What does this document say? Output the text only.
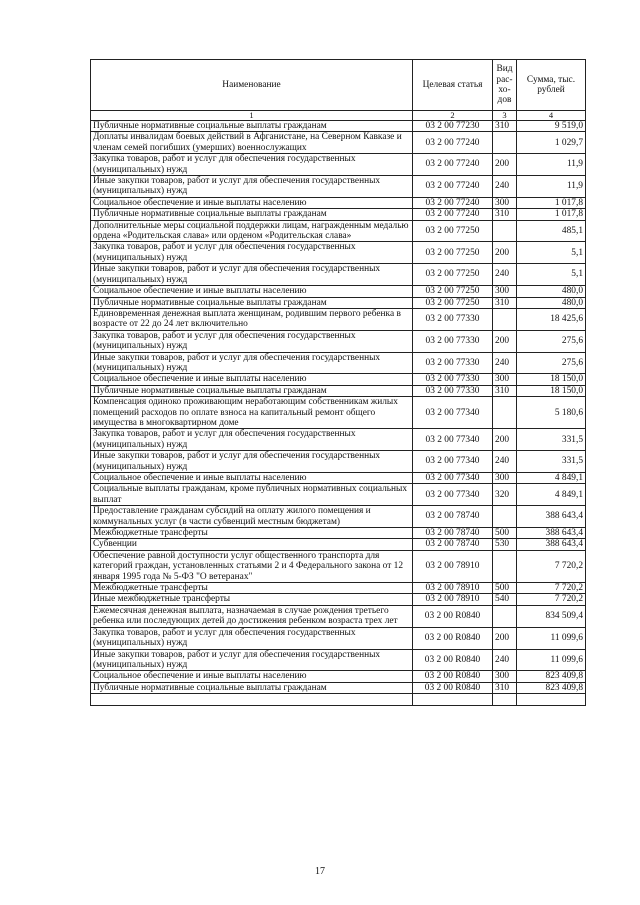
Наименование	Целевая статья	Вид рас-хо-дов	Сумма, тыс. рублей
1	2	3	4
Публичные нормативные социальные выплаты гражданам	03 2 00 77230	310	9 519,0
Доплаты инвалидам боевых действий в Афганистане, на Северном Кавказе и членам семей погибших (умерших) военнослужащих	03 2 00 77240		1 029,7
Закупка товаров, работ и услуг для обеспечения государственных (муниципальных) нужд	03 2 00 77240	200	11,9
Иные закупки товаров, работ и услуг для обеспечения государственных (муниципальных) нужд	03 2 00 77240	240	11,9
Социальное обеспечение и иные выплаты населению	03 2 00 77240	300	1 017,8
Публичные нормативные социальные выплаты гражданам	03 2 00 77240	310	1 017,8
Дополнительные меры социальной поддержки лицам, награжденным медалью ордена «Родительская слава» или орденом «Родительская слава»	03 2 00 77250		485,1
Закупка товаров, работ и услуг для обеспечения государственных (муниципальных) нужд	03 2 00 77250	200	5,1
Иные закупки товаров, работ и услуг для обеспечения государственных (муниципальных) нужд	03 2 00 77250	240	5,1
Социальное обеспечение и иные выплаты населению	03 2 00 77250	300	480,0
Публичные нормативные социальные выплаты гражданам	03 2 00 77250	310	480,0
Единовременная денежная выплата женщинам, родившим первого ребенка в возрасте от 22 до 24 лет включительно	03 2 00 77330		18 425,6
Закупка товаров, работ и услуг для обеспечения государственных (муниципальных) нужд	03 2 00 77330	200	275,6
Иные закупки товаров, работ и услуг для обеспечения государственных (муниципальных) нужд	03 2 00 77330	240	275,6
Социальное обеспечение и иные выплаты населению	03 2 00 77330	300	18 150,0
Публичные нормативные социальные выплаты гражданам	03 2 00 77330	310	18 150,0
Компенсация одиноко проживающим неработающим собственникам жилых помещений расходов по оплате взноса на капитальный ремонт общего имущества в многоквартирном доме	03 2 00 77340		5 180,6
Закупка товаров, работ и услуг для обеспечения государственных (муниципальных) нужд	03 2 00 77340	200	331,5
Иные закупки товаров, работ и услуг для обеспечения государственных (муниципальных) нужд	03 2 00 77340	240	331,5
Социальное обеспечение и иные выплаты населению	03 2 00 77340	300	4 849,1
Социальные выплаты гражданам, кроме публичных нормативных социальных выплат	03 2 00 77340	320	4 849,1
Предоставление гражданам субсидий на оплату жилого помещения и коммунальных услуг (в части субвенций местным бюджетам)	03 2 00 78740		388 643,4
Межбюджетные трансферты	03 2 00 78740	500	388 643,4
Субвенции	03 2 00 78740	530	388 643,4
Обеспечение равной доступности услуг общественного транспорта для категорий граждан, установленных статьями 2 и 4 Федерального закона от 12 января 1995 года № 5-ФЗ "О ветеранах"	03 2 00 78910		7 720,2
Межбюджетные трансферты	03 2 00 78910	500	7 720,2
Иные межбюджетные трансферты	03 2 00 78910	540	7 720,2
Ежемесячная денежная выплата, назначаемая в случае рождения третьего ребенка или последующих детей до достижения ребенком возраста трех лет	03 2 00 R0840		834 509,4
Закупка товаров, работ и услуг для обеспечения государственных (муниципальных) нужд	03 2 00 R0840	200	11 099,6
Иные закупки товаров, работ и услуг для обеспечения государственных (муниципальных) нужд	03 2 00 R0840	240	11 099,6
Социальное обеспечение и иные выплаты населению	03 2 00 R0840	300	823 409,8
Публичные нормативные социальные выплаты гражданам	03 2 00 R0840	310	823 409,8

17
